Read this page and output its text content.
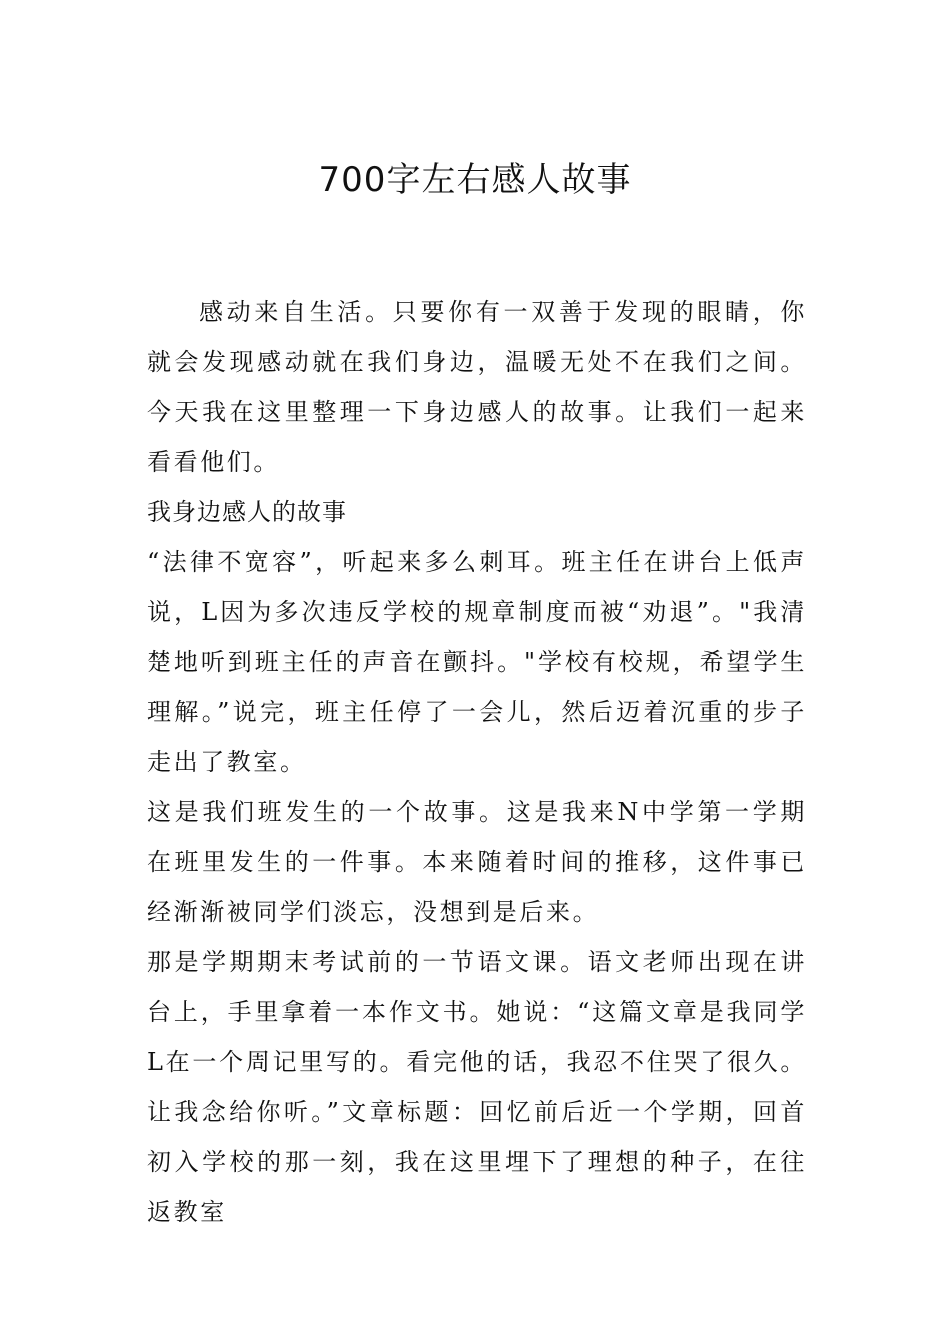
700字左右感人故事

感动来自生活。只要你有一双善于发现的眼睛，你就会发现感动就在我们身边，温暖无处不在我们之间。今天我在这里整理一下身边感人的故事。让我们一起来看看他们。

我身边感人的故事

“法律不宽容”，听起来多么刺耳。班主任在讲台上低声说，L因为多次违反学校的规章制度而被“劝退”。"我清楚地听到班主任的声音在颤抖。"学校有校规，希望学生理解。”说完，班主任停了一会儿，然后迈着沉重的步子走出了教室。

这是我们班发生的一个故事。这是我来N中学第一学期在班里发生的一件事。本来随着时间的推移，这件事已经渐渐被同学们淡忘，没想到是后来。

那是学期期末考试前的一节语文课。语文老师出现在讲台上，手里拿着一本作文书。她说：“这篇文章是我同学L在一个周记里写的。看完他的话，我忍不住哭了很久。让我念给你听。”文章标题：回忆前后近一个学期，回首初入学校的那一刻，我在这里埋下了理想的种子，在往返教室
